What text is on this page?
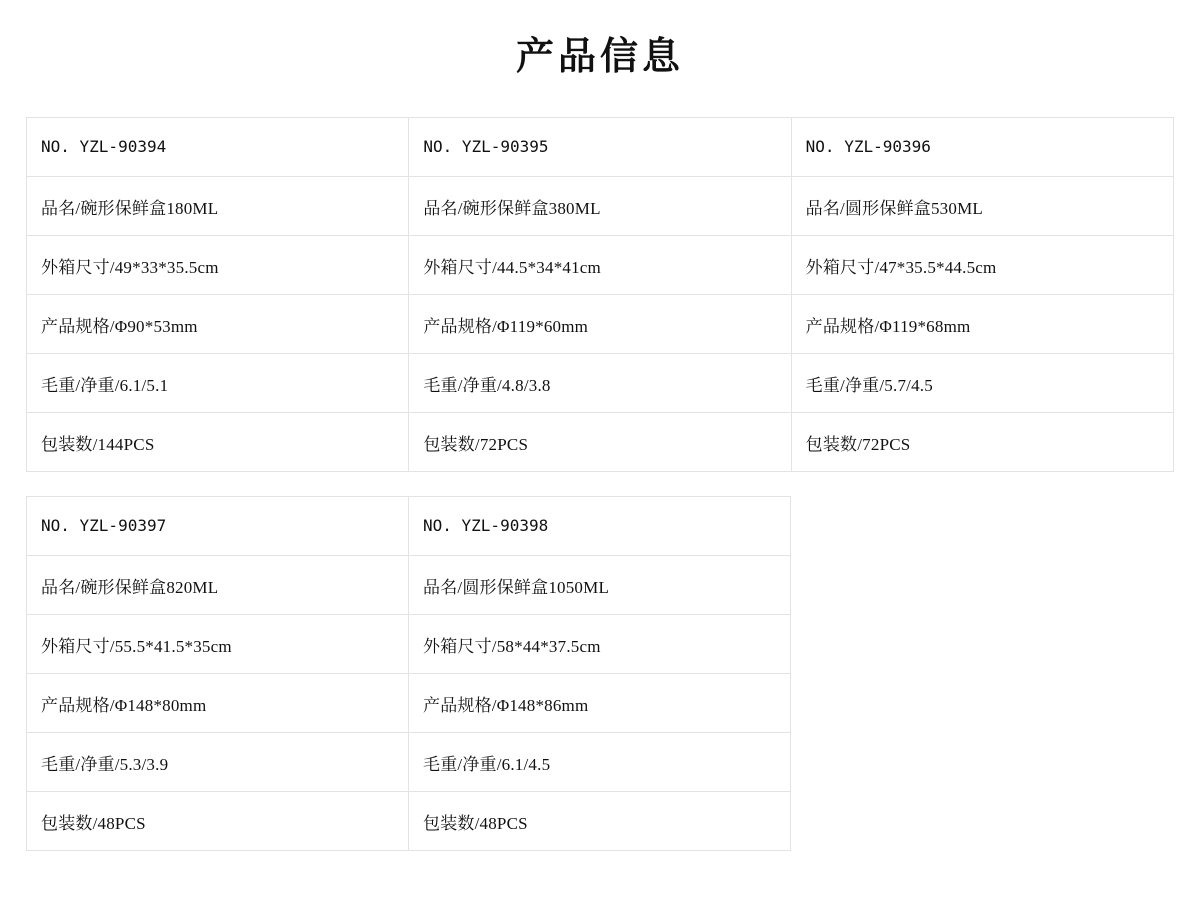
产品信息
NO. YZL-90394	NO. YZL-90395	NO. YZL-90396
品名/碗形保鲜盒180ML	品名/碗形保鲜盒380ML	品名/圆形保鲜盒530ML
外箱尺寸/49*33*35.5cm	外箱尺寸/44.5*34*41cm	外箱尺寸/47*35.5*44.5cm
产品规格/Φ90*53mm	产品规格/Φ119*60mm	产品规格/Φ119*68mm
毛重/净重/6.1/5.1	毛重/净重/4.8/3.8	毛重/净重/5.7/4.5
包装数/144PCS	包装数/72PCS	包装数/72PCS
NO. YZL-90397	NO. YZL-90398
品名/碗形保鲜盒820ML	品名/圆形保鲜盒1050ML
外箱尺寸/55.5*41.5*35cm	外箱尺寸/58*44*37.5cm
产品规格/Φ148*80mm	产品规格/Φ148*86mm
毛重/净重/5.3/3.9	毛重/净重/6.1/4.5
包装数/48PCS	包装数/48PCS
